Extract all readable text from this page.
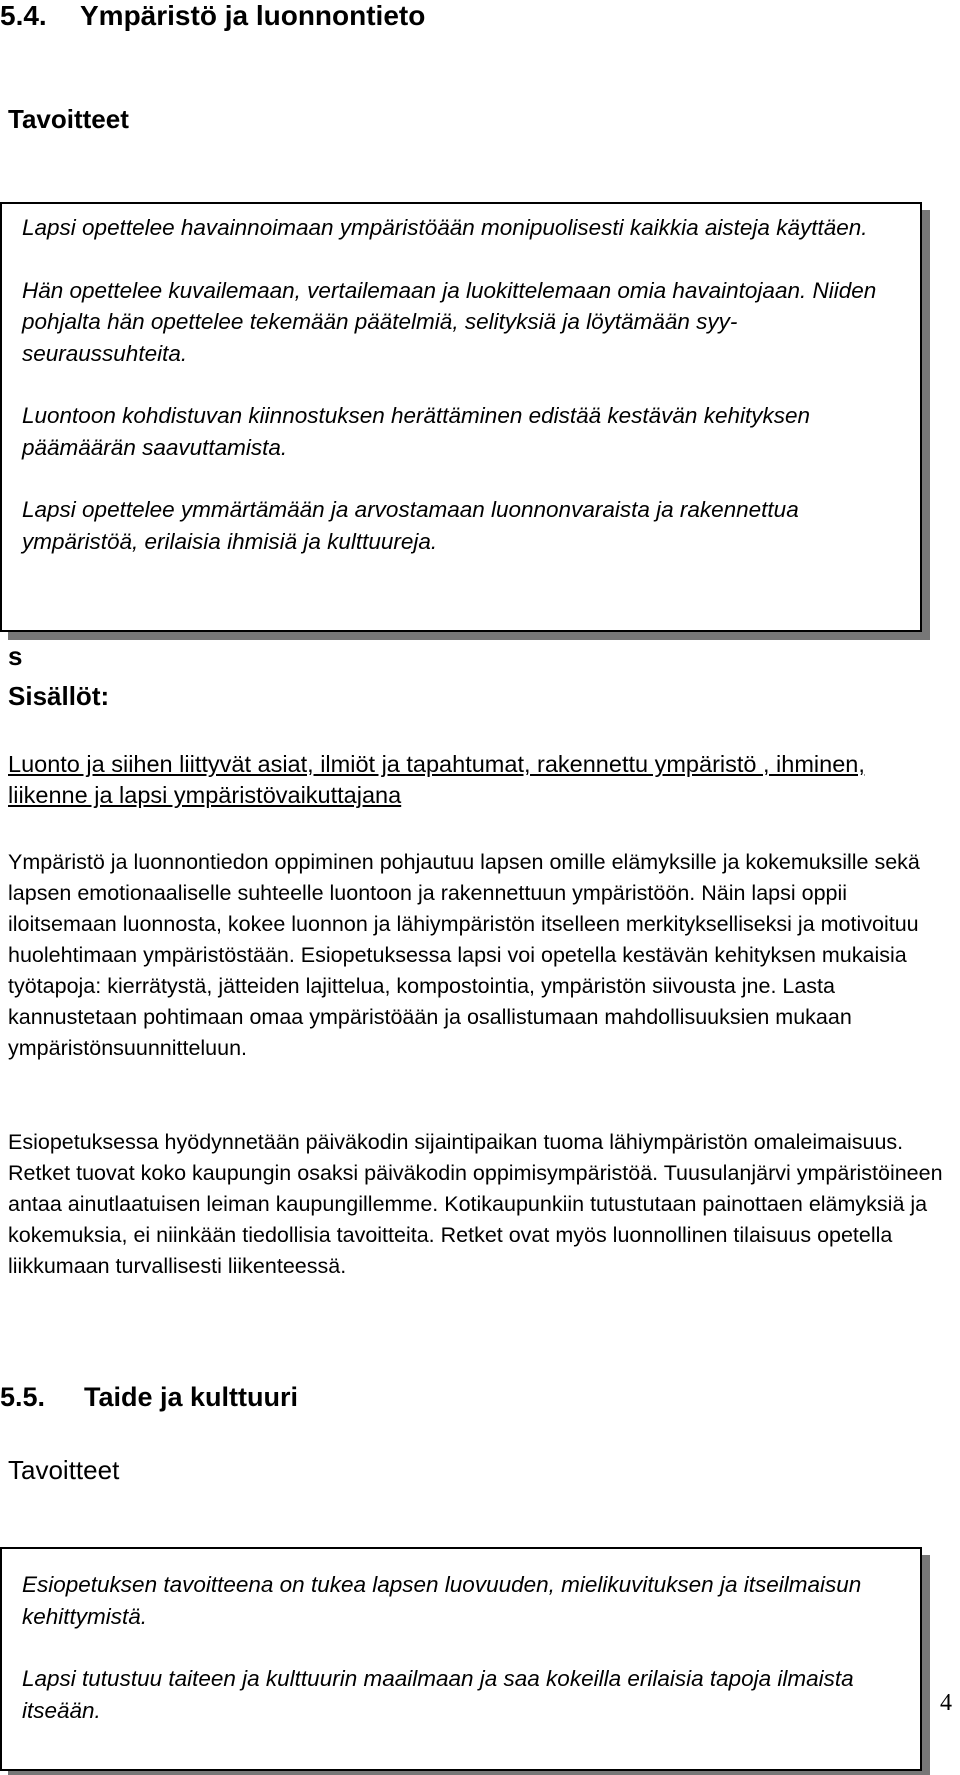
5.4. Ympäristö ja luonnontieto
Tavoitteet

Lapsi opettelee havainnoimaan ympäristöään monipuolisesti kaikkia aisteja käyttäen.

Hän opettelee kuvailemaan, vertailemaan ja luokittelemaan omia havaintojaan. Niiden pohjalta hän opettelee tekemään päätelmiä, selityksiä ja löytämään syy-seuraussuhteita.

Luontoon kohdistuvan kiinnostuksen herättäminen edistää kestävän kehityksen päämäärän saavuttamista.

Lapsi opettelee ymmärtämään ja arvostamaan luonnonvaraista ja rakennettua ympäristöä, erilaisia ihmisiä ja kulttuureja.

s
Sisällöt:

Luonto ja siihen liittyvät asiat, ilmiöt ja tapahtumat, rakennettu ympäristö , ihminen, liikenne ja lapsi ympäristövaikuttajana

Ympäristö ja luonnontiedon oppiminen pohjautuu lapsen omille elämyksille ja kokemuksille sekä lapsen emotionaaliselle suhteelle luontoon ja rakennettuun ympäristöön. Näin lapsi oppii iloitsemaan luonnosta, kokee luonnon ja lähiympäristön itselleen merkitykselliseksi ja motivoituu huolehtimaan ympäristöstään. Esiopetuksessa lapsi voi opetella kestävän kehityksen mukaisia työtapoja: kierrätystä, jätteiden lajittelua, kompostointia, ympäristön siivousta jne. Lasta kannustetaan pohtimaan omaa ympäristöään ja osallistumaan mahdollisuuksien mukaan ympäristönsuunnitteluun.

Esiopetuksessa hyödynnetään päiväkodin sijaintipaikan tuoma lähiympäristön omaleimaisuus. Retket tuovat koko kaupungin osaksi päiväkodin oppimisympäristöä. Tuusulanjärvi ympäristöineen antaa ainutlaatuisen leiman kaupungillemme. Kotikaupunkiin tutustutaan painottaen elämyksiä ja kokemuksia, ei niinkään tiedollisia tavoitteita. Retket ovat myös luonnollinen tilaisuus opetella liikkumaan turvallisesti liikenteessä.

5.5. Taide ja kulttuuri
Tavoitteet

Esiopetuksen tavoitteena on tukea lapsen luovuuden, mielikuvituksen ja itseilmaisun kehittymistä.

Lapsi tutustuu taiteen ja kulttuurin maailmaan ja saa kokeilla erilaisia tapoja ilmaista itseään.	4
